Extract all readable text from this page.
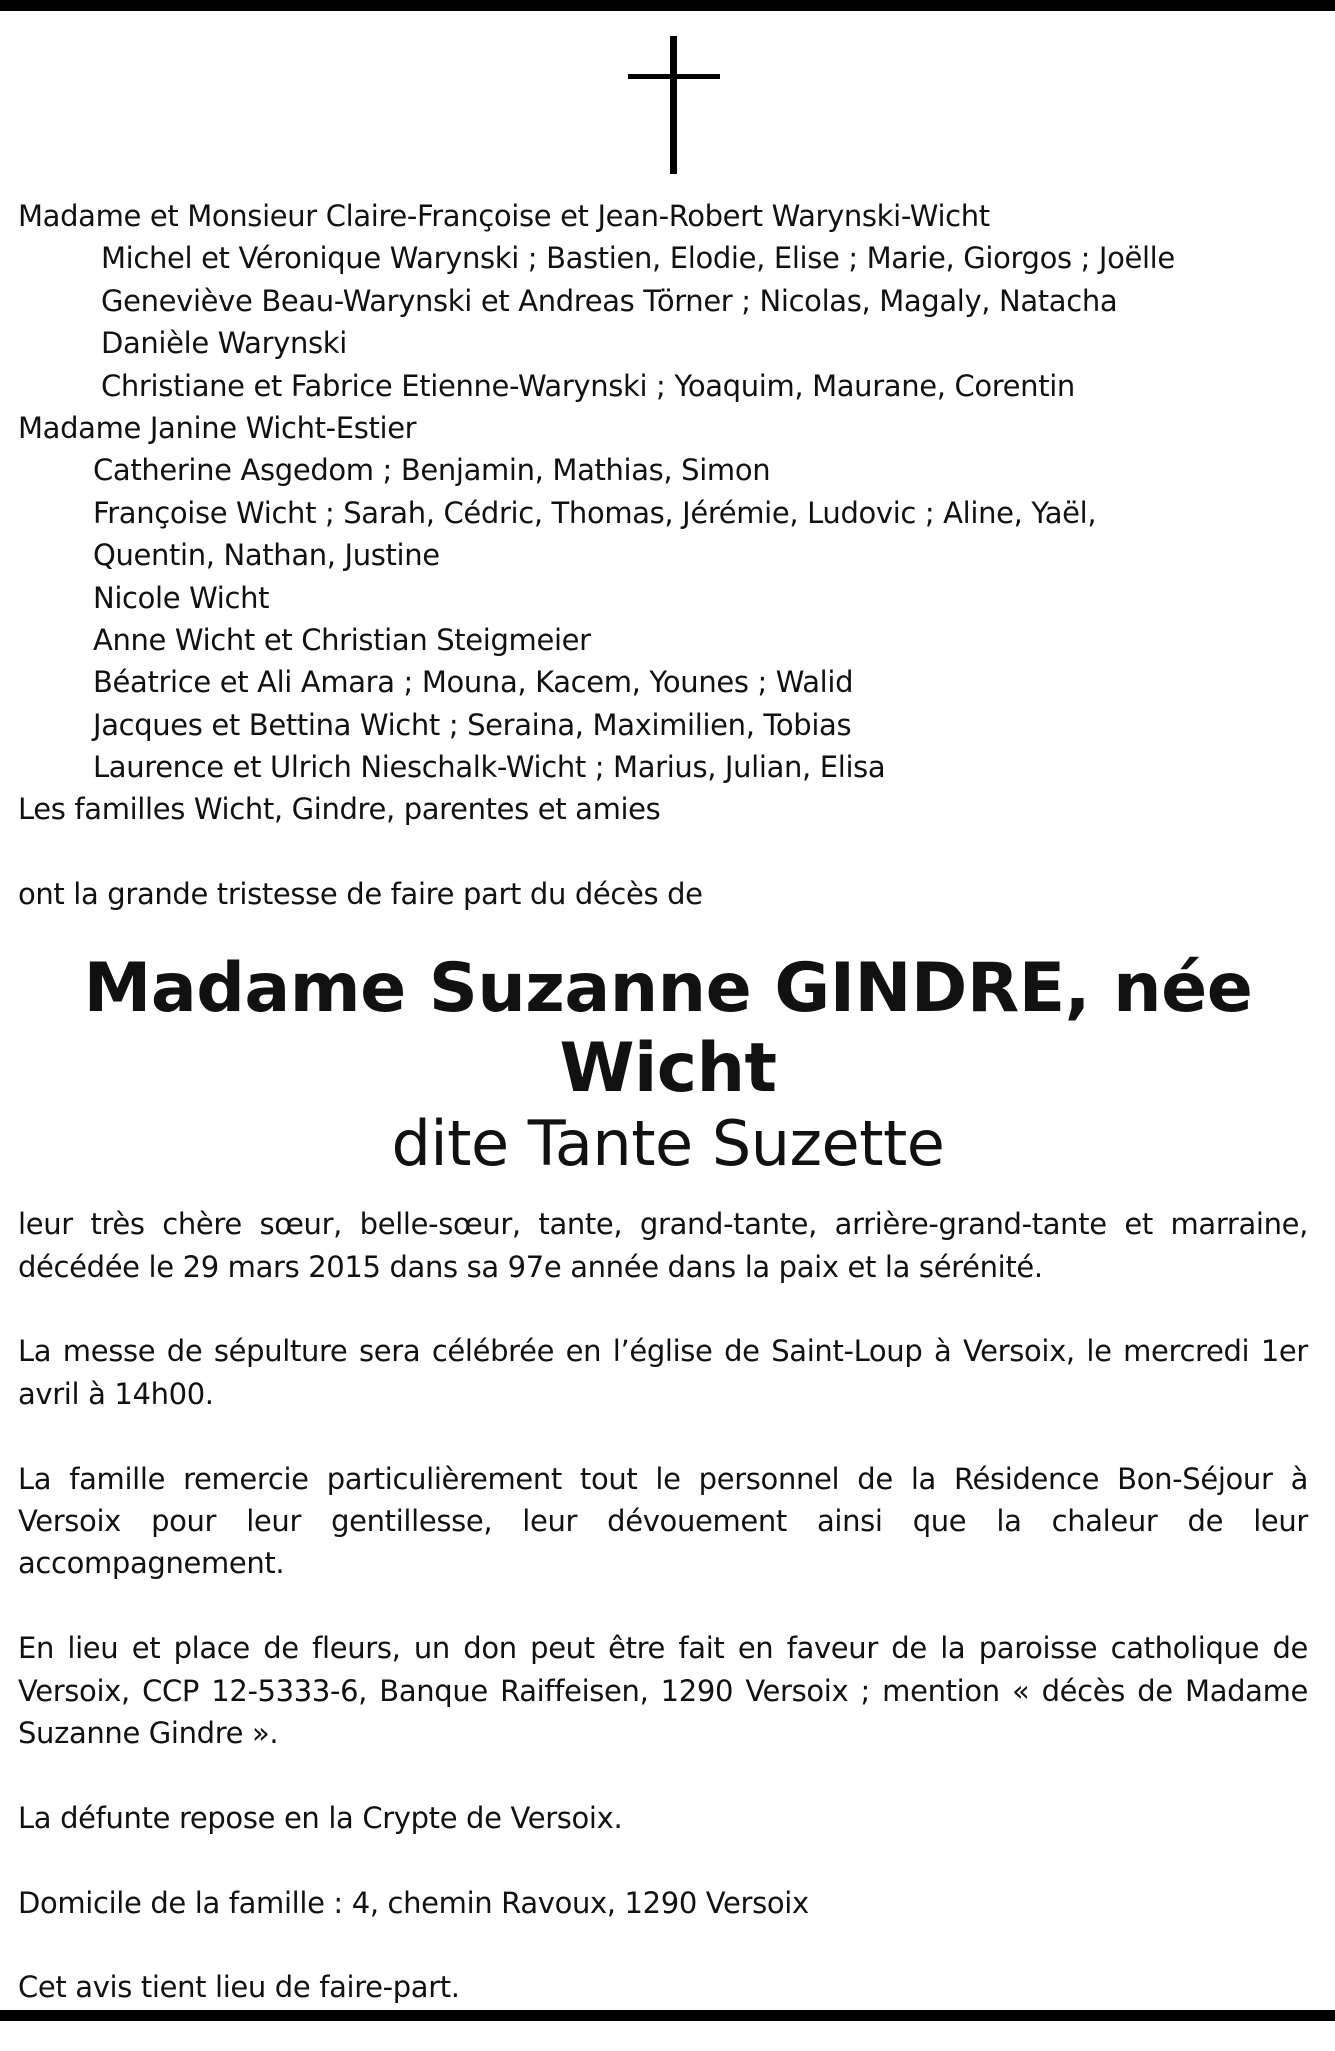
Madame et Monsieur Claire-Françoise et Jean-Robert Warynski-Wicht
Michel et Véronique Warynski ; Bastien, Elodie, Elise ; Marie, Giorgos ; Joëlle
Geneviève Beau-Warynski et Andreas Törner ; Nicolas, Magaly, Natacha
Danièle Warynski
Christiane et Fabrice Etienne-Warynski ; Yoaquim, Maurane, Corentin
Madame Janine Wicht-Estier
Catherine Asgedom ; Benjamin, Mathias, Simon
Françoise Wicht ; Sarah, Cédric, Thomas, Jérémie, Ludovic ; Aline, Yaël,
Quentin, Nathan, Justine
Nicole Wicht
Anne Wicht et Christian Steigmeier
Béatrice et Ali Amara ; Mouna, Kacem, Younes ; Walid
Jacques et Bettina Wicht ; Seraina, Maximilien, Tobias
Laurence et Ulrich Nieschalk-Wicht ; Marius, Julian, Elisa
Les familles Wicht, Gindre, parentes et amies
ont la grande tristesse de faire part du décès de
Madame Suzanne GINDRE, née Wicht
dite Tante Suzette

leur très chère sœur, belle-sœur, tante, grand-tante, arrière-grand-tante et marraine, décédée le 29 mars 2015 dans sa 97e année dans la paix et la sérénité.

La messe de sépulture sera célébrée en l’église de Saint-Loup à Versoix, le mercredi 1er avril à 14h00.

La famille remercie particulièrement tout le personnel de la Résidence Bon-Séjour à Versoix pour leur gentillesse, leur dévouement ainsi que la chaleur de leur accompagnement.

En lieu et place de fleurs, un don peut être fait en faveur de la paroisse catholique de Versoix, CCP 12-5333-6, Banque Raiffeisen, 1290 Versoix ; mention « décès de Madame Suzanne Gindre ».

La défunte repose en la Crypte de Versoix.

Domicile de la famille : 4, chemin Ravoux, 1290 Versoix

Cet avis tient lieu de faire-part.
